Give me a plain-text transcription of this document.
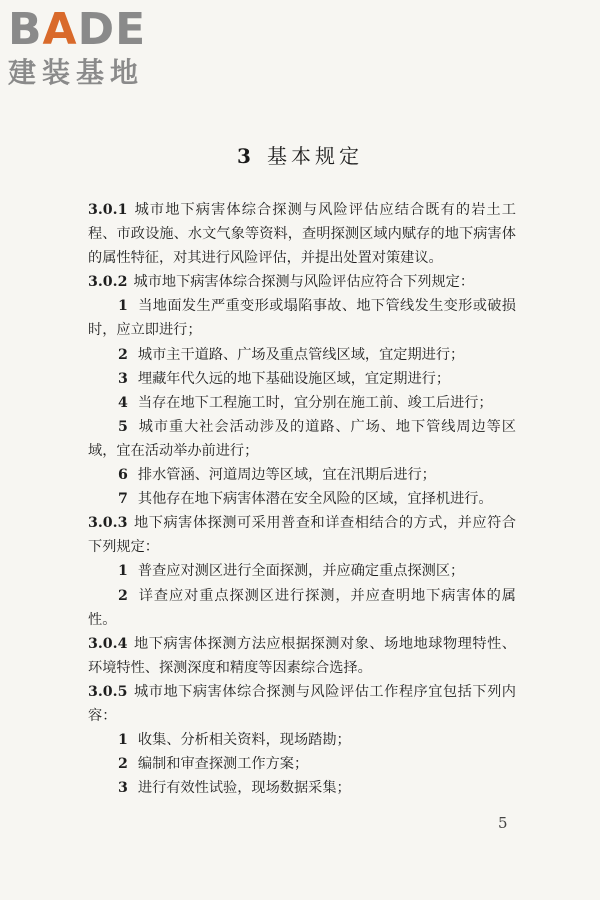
BADE
建装基地
3 基本规定

3.0.1 城市地下病害体综合探测与风险评估应结合既有的岩土工程、市政设施、水文气象等资料，查明探测区域内赋存的地下病害体的属性特征，对其进行风险评估，并提出处置对策建议。

3.0.2 城市地下病害体综合探测与风险评估应符合下列规定：

1 当地面发生严重变形或塌陷事故、地下管线发生变形或破损时，应立即进行；

2 城市主干道路、广场及重点管线区域，宜定期进行；

3 埋藏年代久远的地下基础设施区域，宜定期进行；

4 当存在地下工程施工时，宜分别在施工前、竣工后进行；

5 城市重大社会活动涉及的道路、广场、地下管线周边等区域，宜在活动举办前进行；

6 排水管涵、河道周边等区域，宜在汛期后进行；

7 其他存在地下病害体潜在安全风险的区域，宜择机进行。

3.0.3 地下病害体探测可采用普查和详查相结合的方式，并应符合下列规定：

1 普查应对测区进行全面探测，并应确定重点探测区；

2 详查应对重点探测区进行探测，并应查明地下病害体的属性。

3.0.4 地下病害体探测方法应根据探测对象、场地地球物理特性、环境特性、探测深度和精度等因素综合选择。

3.0.5 城市地下病害体综合探测与风险评估工作程序宜包括下列内容：

1 收集、分析相关资料，现场踏勘；

2 编制和审查探测工作方案；

3 进行有效性试验，现场数据采集；

5
